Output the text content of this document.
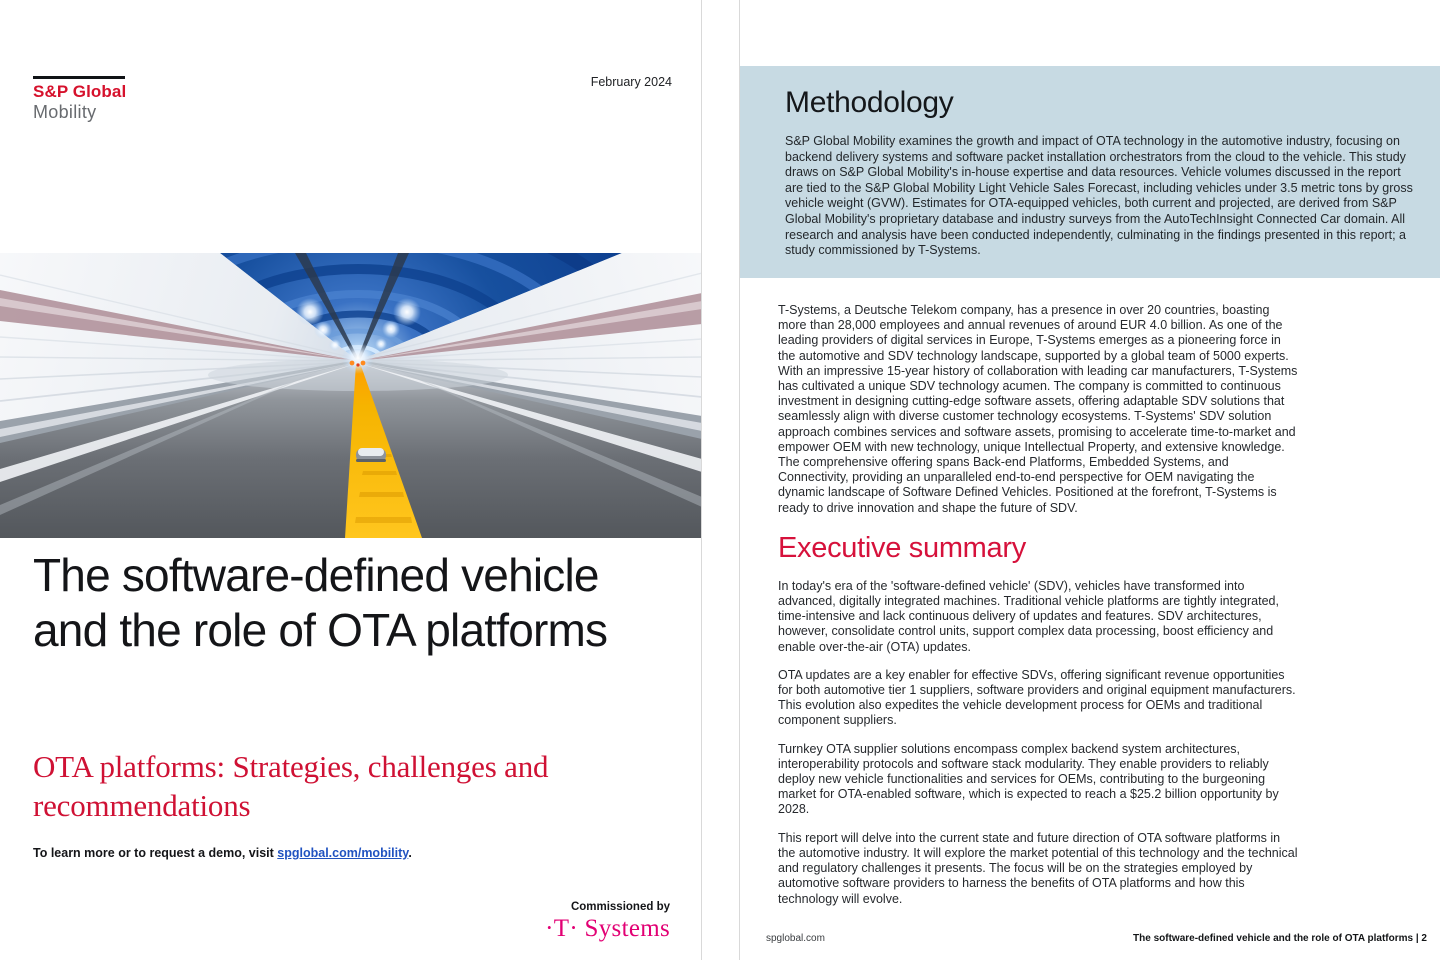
S&P Global
Mobility
February 2024
The software-defined vehicle and the role of OTA platforms
OTA platforms: Strategies, challenges and recommendations

To learn more or to request a demo, visit spglobal.com/mobility.

Commissioned by
·T· Systems
Methodology

S&P Global Mobility examines the growth and impact of OTA technology in the automotive industry, focusing on backend delivery systems and software packet installation orchestrators from the cloud to the vehicle. This study draws on S&P Global Mobility's in-house expertise and data resources. Vehicle volumes discussed in the report are tied to the S&P Global Mobility Light Vehicle Sales Forecast, including vehicles under 3.5 metric tons by gross vehicle weight (GVW). Estimates for OTA-equipped vehicles, both current and projected, are derived from S&P Global Mobility's proprietary database and industry surveys from the AutoTechInsight Connected Car domain. All research and analysis have been conducted independently, culminating in the findings presented in this report; a study commissioned by T-Systems.

T-Systems, a Deutsche Telekom company, has a presence in over 20 countries, boasting more than 28,000 employees and annual revenues of around EUR 4.0 billion. As one of the leading providers of digital services in Europe, T-Systems emerges as a pioneering force in the automotive and SDV technology landscape, supported by a global team of 5000 experts. With an impressive 15-year history of collaboration with leading car manufacturers, T-Systems has cultivated a unique SDV technology acumen. The company is committed to continuous investment in designing cutting-edge software assets, offering adaptable SDV solutions that seamlessly align with diverse customer technology ecosystems. T-Systems' SDV solution approach combines services and software assets, promising to accelerate time-to-market and empower OEM with new technology, unique Intellectual Property, and extensive knowledge. The comprehensive offering spans Back-end Platforms, Embedded Systems, and Connectivity, providing an unparalleled end-to-end perspective for OEM navigating the dynamic landscape of Software Defined Vehicles. Positioned at the forefront, T-Systems is ready to drive innovation and shape the future of SDV.

Executive summary

In today's era of the 'software-defined vehicle' (SDV), vehicles have transformed into advanced, digitally integrated machines. Traditional vehicle platforms are tightly integrated, time-intensive and lack continuous delivery of updates and features. SDV architectures, however, consolidate control units, support complex data processing, boost efficiency and enable over-the-air (OTA) updates.

OTA updates are a key enabler for effective SDVs, offering significant revenue opportunities for both automotive tier 1 suppliers, software providers and original equipment manufacturers. This evolution also expedites the vehicle development process for OEMs and traditional component suppliers.

Turnkey OTA supplier solutions encompass complex backend system architectures, interoperability protocols and software stack modularity. They enable providers to reliably deploy new vehicle functionalities and services for OEMs, contributing to the burgeoning market for OTA-enabled software, which is expected to reach a $25.2 billion opportunity by 2028.

This report will delve into the current state and future direction of OTA software platforms in the automotive industry. It will explore the market potential of this technology and the technical and regulatory challenges it presents. The focus will be on the strategies employed by automotive software providers to harness the benefits of OTA platforms and how this technology will evolve.

spglobal.com	The software-defined vehicle and the role of OTA platforms | 2
